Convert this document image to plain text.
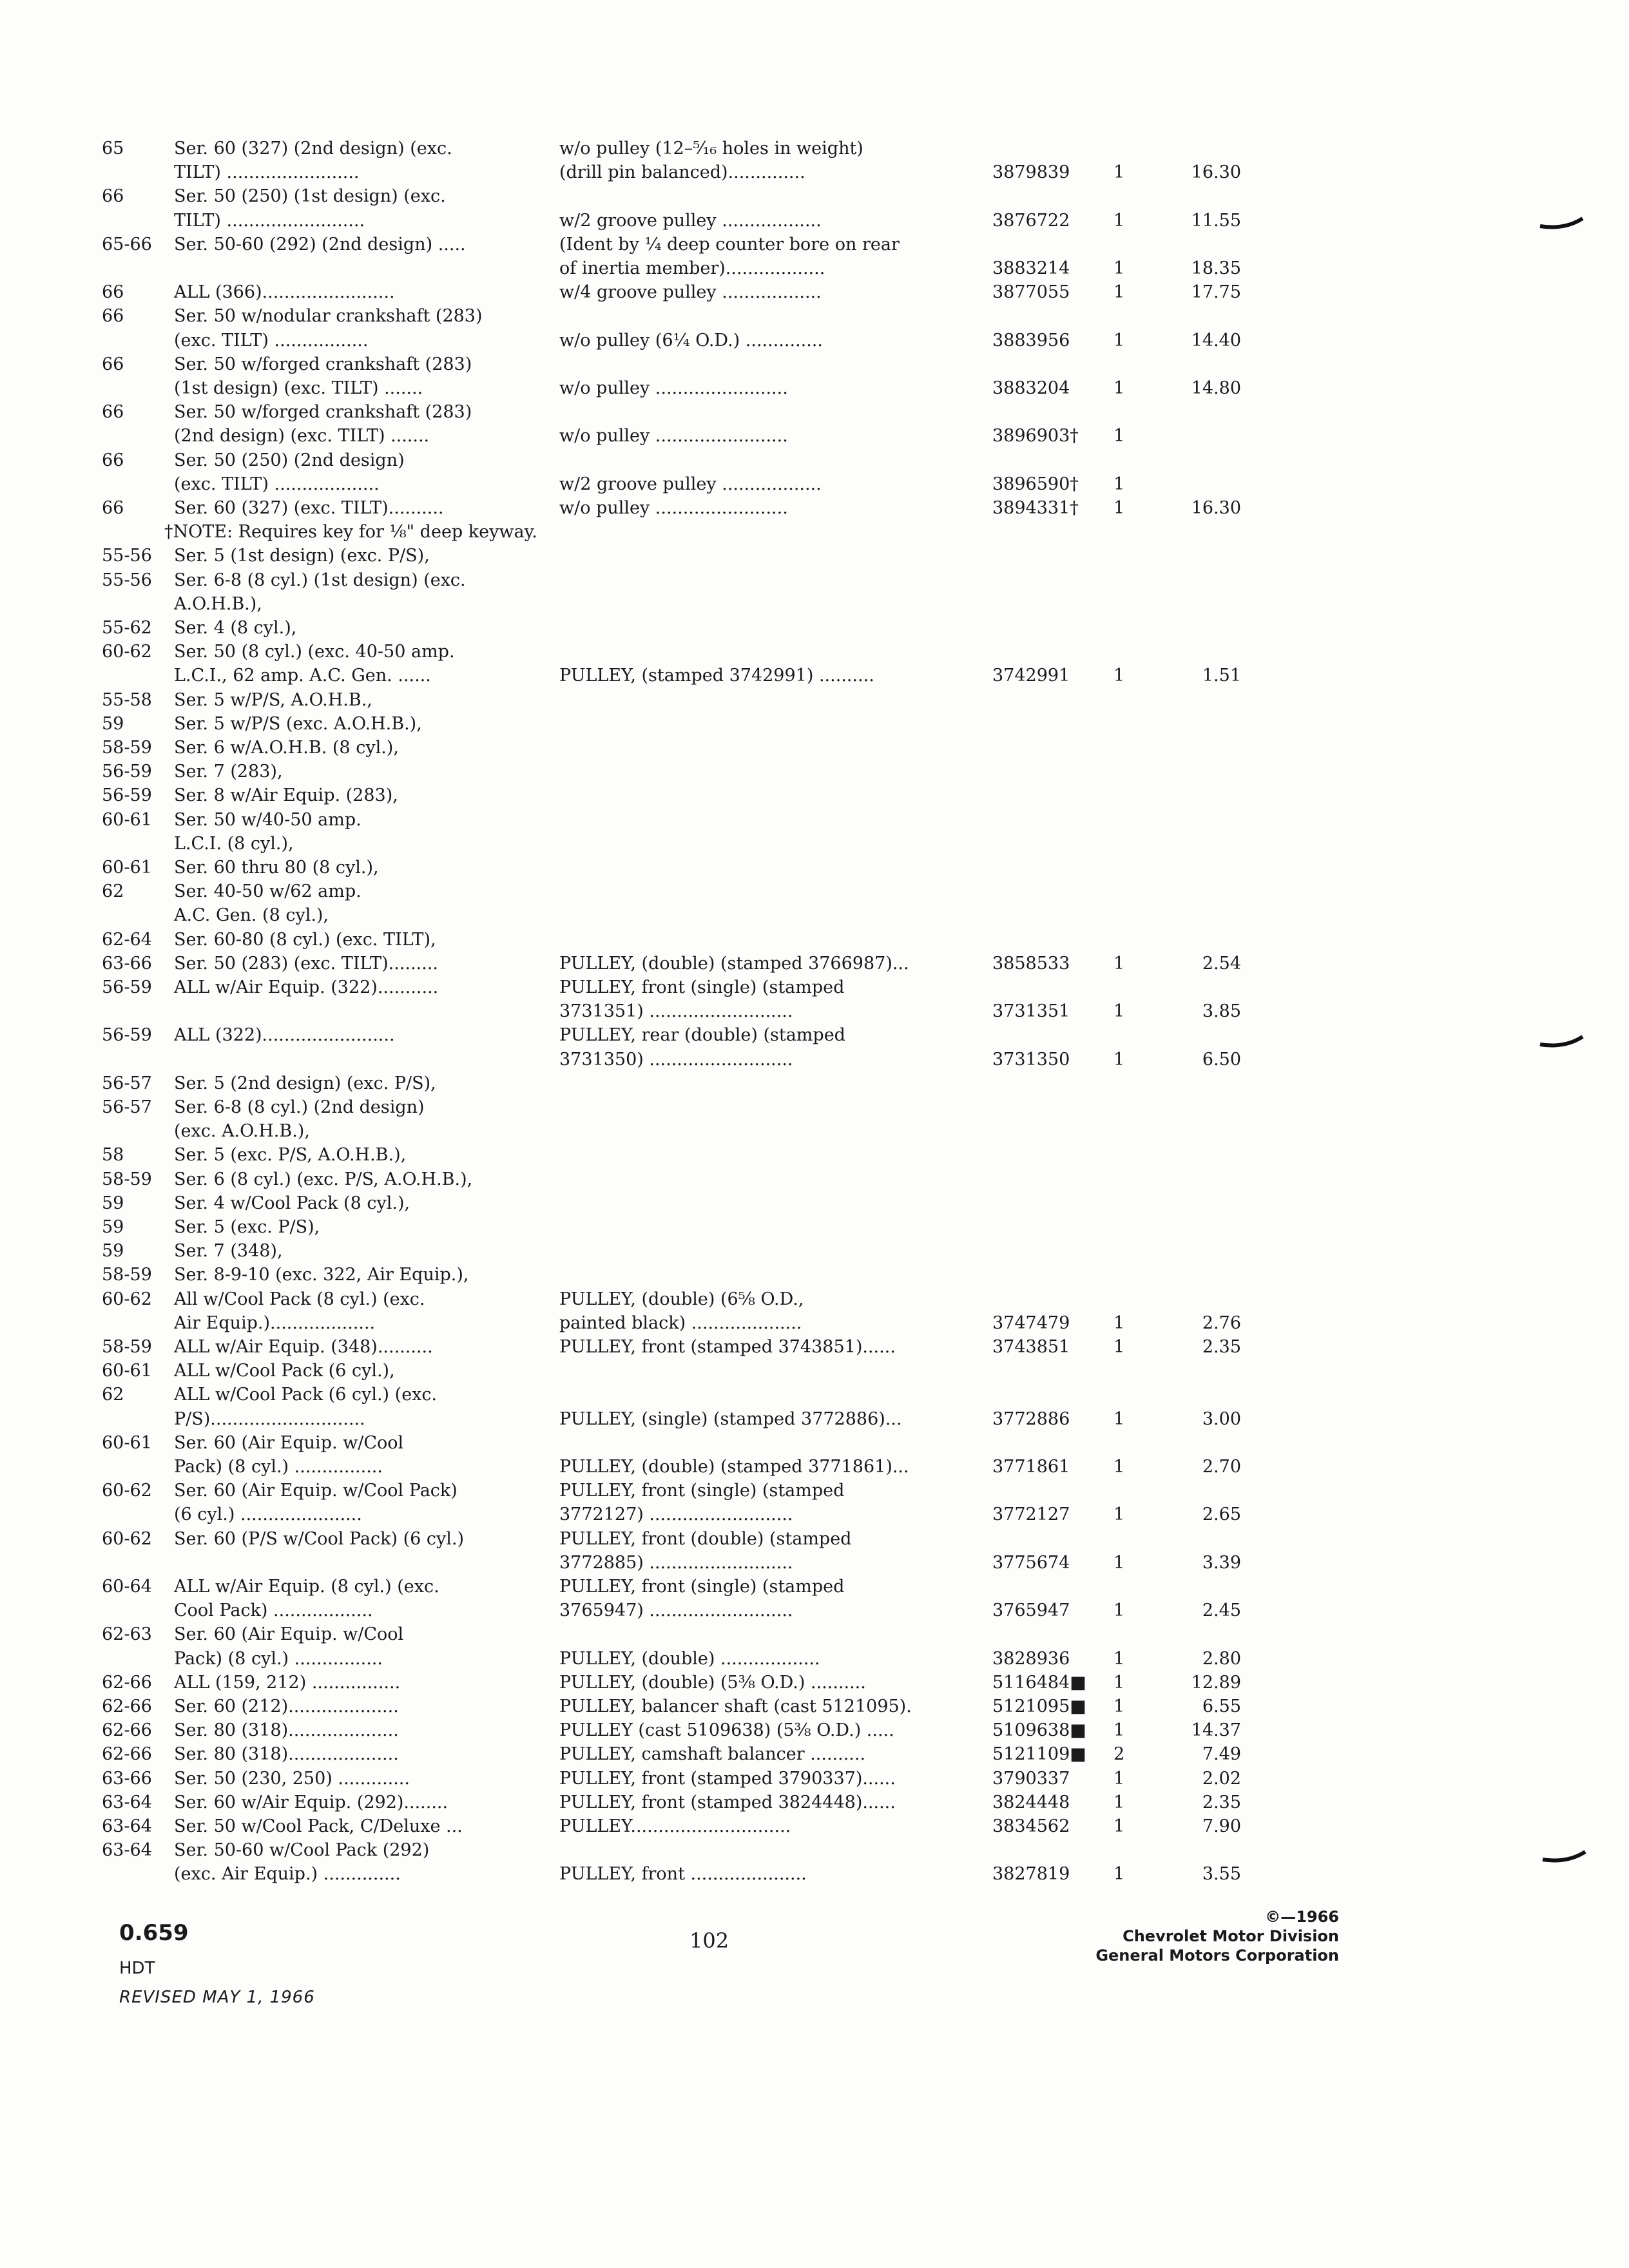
65	Ser. 60 (327) (2nd design) (exc.	w/o pulley (12–⁵⁄₁₆ holes in weight)
TILT) ........................	(drill pin balanced)..............	3879839	1	16.30
66	Ser. 50 (250) (1st design) (exc.
TILT) .........................	w/2 groove pulley ..................	3876722	1	11.55
65-66 Ser. 50-60 (292) (2nd design) .....	(Ident by ¼ deep counter bore on rear
of inertia member)..................	3883214	1	18.35
66	ALL (366)........................	w/4 groove pulley ..................	3877055	1	17.75
66	Ser. 50 w/nodular crankshaft (283)
(exc. TILT) .................	w/o pulley (6¼ O.D.) ..............	3883956	1	14.40
66	Ser. 50 w/forged crankshaft (283)
(1st design) (exc. TILT) .......	w/o pulley ........................	3883204	1	14.80
66	Ser. 50 w/forged crankshaft (283)
(2nd design) (exc. TILT) .......	w/o pulley ........................	3896903† 1
66	Ser. 50 (250) (2nd design)
(exc. TILT) ...................	w/2 groove pulley ..................	3896590† 1
66	Ser. 60 (327) (exc. TILT)..........	w/o pulley ........................	3894331† 1	16.30
†NOTE: Requires key for ⅛" deep keyway.
55-56 Ser. 5 (1st design) (exc. P/S),
55-56 Ser. 6-8 (8 cyl.) (1st design) (exc.
A.O.H.B.),
55-62 Ser. 4 (8 cyl.),
60-62 Ser. 50 (8 cyl.) (exc. 40-50 amp.
L.C.I., 62 amp. A.C. Gen. ......	PULLEY, (stamped 3742991) ..........	3742991	1	1.51
55-58 Ser. 5 w/P/S, A.O.H.B.,
59	Ser. 5 w/P/S (exc. A.O.H.B.),
58-59 Ser. 6 w/A.O.H.B. (8 cyl.),
56-59 Ser. 7 (283),
56-59 Ser. 8 w/Air Equip. (283),
60-61 Ser. 50 w/40-50 amp.
L.C.I. (8 cyl.),
60-61 Ser. 60 thru 80 (8 cyl.),
62	Ser. 40-50 w/62 amp.
A.C. Gen. (8 cyl.),
62-64 Ser. 60-80 (8 cyl.) (exc. TILT),
63-66 Ser. 50 (283) (exc. TILT).........	PULLEY, (double) (stamped 3766987)...	3858533	1	2.54
56-59 ALL w/Air Equip. (322)...........	PULLEY, front (single) (stamped
3731351) ..........................	3731351	1	3.85
56-59 ALL (322)........................	PULLEY, rear (double) (stamped
3731350) ..........................	3731350	1	6.50
56-57 Ser. 5 (2nd design) (exc. P/S),
56-57 Ser. 6-8 (8 cyl.) (2nd design)
(exc. A.O.H.B.),
58	Ser. 5 (exc. P/S, A.O.H.B.),
58-59 Ser. 6 (8 cyl.) (exc. P/S, A.O.H.B.),
59	Ser. 4 w/Cool Pack (8 cyl.),
59	Ser. 5 (exc. P/S),
59	Ser. 7 (348),
58-59 Ser. 8-9-10 (exc. 322, Air Equip.),
60-62 All w/Cool Pack (8 cyl.) (exc.	PULLEY, (double) (6⅝ O.D.,
Air Equip.)...................	painted black) ....................	3747479	1	2.76
58-59 ALL w/Air Equip. (348)..........	PULLEY, front (stamped 3743851)......	3743851	1	2.35
60-61 ALL w/Cool Pack (6 cyl.),
62	ALL w/Cool Pack (6 cyl.) (exc.
P/S)............................	PULLEY, (single) (stamped 3772886)...	3772886	1	3.00
60-61 Ser. 60 (Air Equip. w/Cool
Pack) (8 cyl.) ................	PULLEY, (double) (stamped 3771861)...	3771861	1	2.70
60-62 Ser. 60 (Air Equip. w/Cool Pack)	PULLEY, front (single) (stamped
(6 cyl.) ......................	3772127) ..........................	3772127	1	2.65
60-62 Ser. 60 (P/S w/Cool Pack) (6 cyl.)	PULLEY, front (double) (stamped
3772885) ..........................	3775674	1	3.39
60-64 ALL w/Air Equip. (8 cyl.) (exc.	PULLEY, front (single) (stamped
Cool Pack) ..................	3765947) ..........................	3765947	1	2.45
62-63 Ser. 60 (Air Equip. w/Cool
Pack) (8 cyl.) ................	PULLEY, (double) ..................	3828936	1	2.80
62-66 ALL (159, 212) ................	PULLEY, (double) (5⅜ O.D.) ..........	5116484■ 1	12.89
62-66 Ser. 60 (212)....................	PULLEY, balancer shaft (cast 5121095).	5121095■ 1	6.55
62-66 Ser. 80 (318)....................	PULLEY (cast 5109638) (5⅜ O.D.) .....	5109638■ 1	14.37
62-66 Ser. 80 (318)....................	PULLEY, camshaft balancer ..........	5121109■ 2	7.49
63-66 Ser. 50 (230, 250) .............	PULLEY, front (stamped 3790337)......	3790337	1	2.02
63-64 Ser. 60 w/Air Equip. (292)........	PULLEY, front (stamped 3824448)......	3824448	1	2.35
63-64 Ser. 50 w/Cool Pack, C/Deluxe ...	PULLEY.............................	3834562	1	7.90
63-64 Ser. 50-60 w/Cool Pack (292)
(exc. Air Equip.) ..............	PULLEY, front .....................	3827819	1	3.55
0.659
HDT
REVISED MAY 1, 1966
102
©—1966
Chevrolet Motor Division
General Motors Corporation
